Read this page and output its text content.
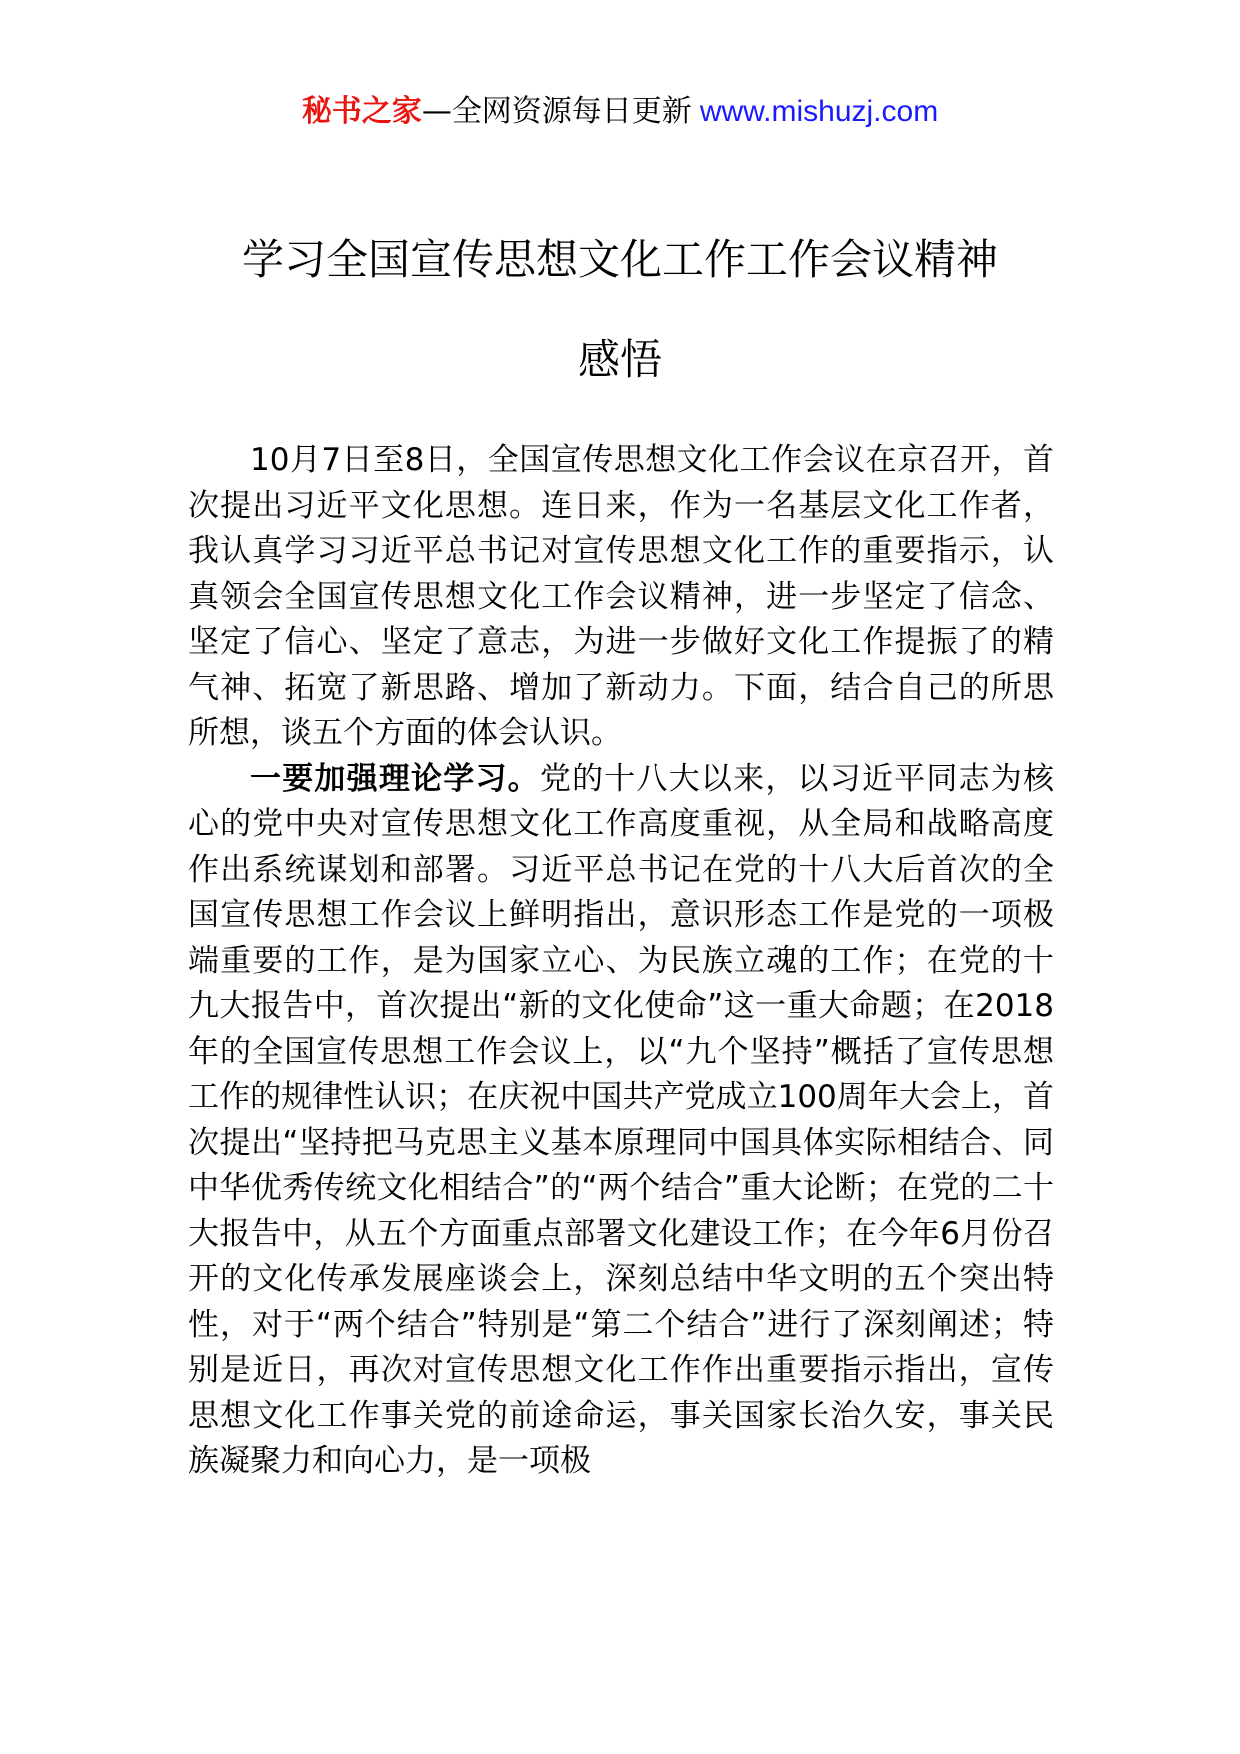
秘书之家—全网资源每日更新 www.mishuzj.com
学习全国宣传思想文化工作工作会议精神
感悟

10月7日至8日，全国宣传思想文化工作会议在京召开，首次提出习近平文化思想。连日来，作为一名基层文化工作者，我认真学习习近平总书记对宣传思想文化工作的重要指示，认真领会全国宣传思想文化工作会议精神，进一步坚定了信念、坚定了信心、坚定了意志，为进一步做好文化工作提振了的精气神、拓宽了新思路、增加了新动力。下面，结合自己的所思所想，谈五个方面的体会认识。

一要加强理论学习。党的十八大以来，以习近平同志为核心的党中央对宣传思想文化工作高度重视，从全局和战略高度作出系统谋划和部署。习近平总书记在党的十八大后首次的全国宣传思想工作会议上鲜明指出，意识形态工作是党的一项极端重要的工作，是为国家立心、为民族立魂的工作；在党的十九大报告中，首次提出“新的文化使命”这一重大命题；在2018年的全国宣传思想工作会议上，以“九个坚持”概括了宣传思想工作的规律性认识；在庆祝中国共产党成立100周年大会上，首次提出“坚持把马克思主义基本原理同中国具体实际相结合、同中华优秀传统文化相结合”的“两个结合”重大论断；在党的二十大报告中，从五个方面重点部署文化建设工作；在今年6月份召开的文化传承发展座谈会上，深刻总结中华文明的五个突出特性，对于“两个结合”特别是“第二个结合”进行了深刻阐述；特别是近日，再次对宣传思想文化工作作出重要指示指出，宣传思想文化工作事关党的前途命运，事关国家长治久安，事关民族凝聚力和向心力，是一项极
